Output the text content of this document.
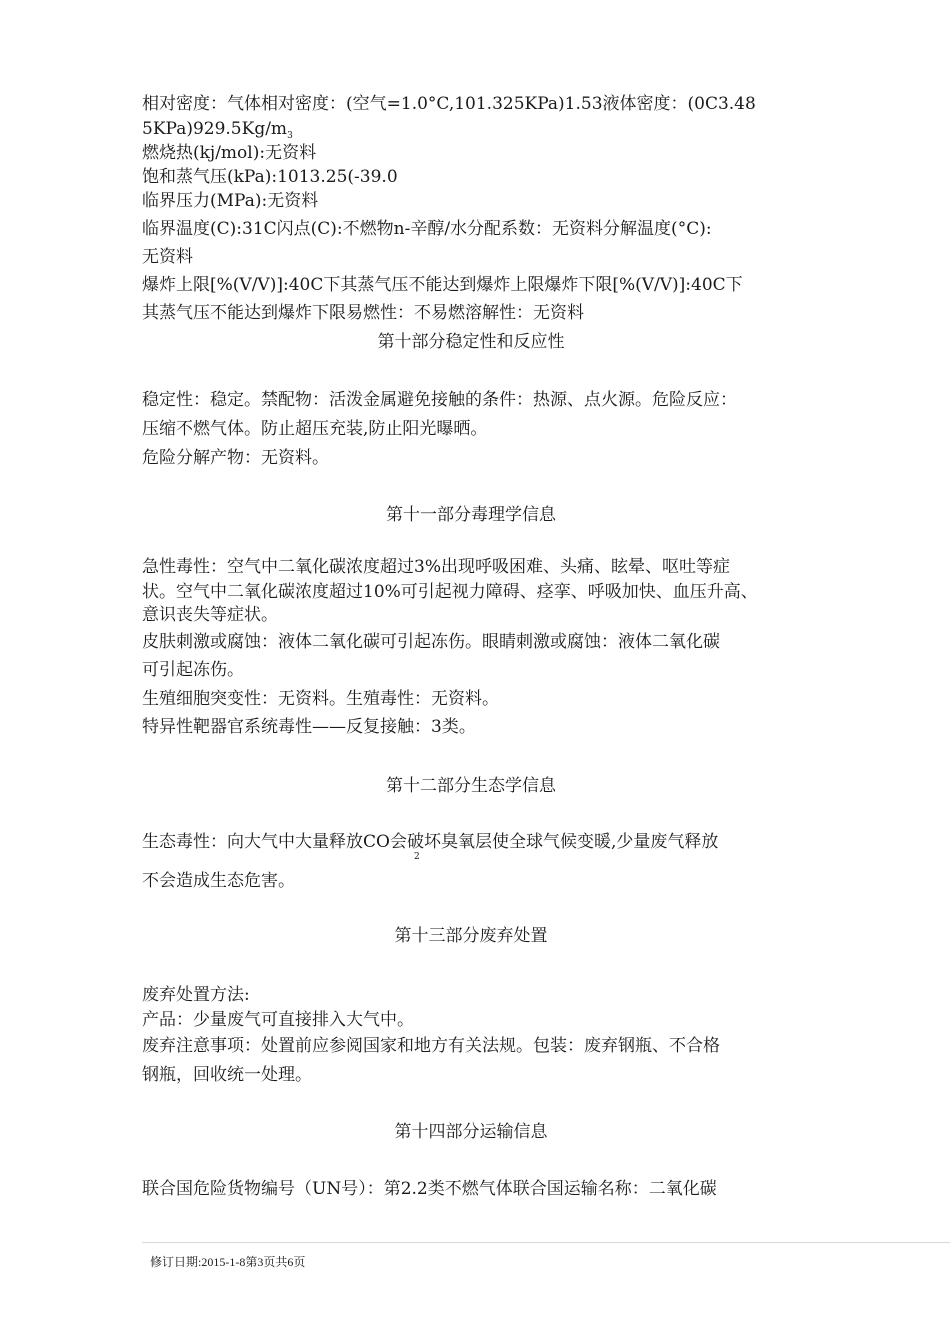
相对密度：气体相对密度：(空气=1.0°C,101.325KPa)1.53液体密度：(0C3.48
$5KPa)929.5Kg/m_3$
燃烧热(kj/mol):无资料
饱和蒸气压(kPa):1013.25(-39.0
临界压力(MPa):无资料
临界温度(C):31C闪点(C):不燃物n-辛醇/水分配系数：无资料分解温度(°C):
无资料
爆炸上限[%(V/V)]:40C下其蒸气压不能达到爆炸上限爆炸下限[%(V/V)]:40C下
其蒸气压不能达到爆炸下限易燃性：不易燃溶解性：无资料
第十部分稳定性和反应性
稳定性：稳定。禁配物：活泼金属避免接触的条件：热源、点火源。危险反应：
压缩不燃气体。防止超压充装,防止阳光曝晒。
危险分解产物：无资料。
第十一部分毒理学信息
急性毒性：空气中二氧化碳浓度超过3%出现呼吸困难、头痛、眩晕、呕吐等症
状。空气中二氧化碳浓度超过10%可引起视力障碍、痉挛、呼吸加快、血压升高、
意识丧失等症状。
皮肤刺激或腐蚀：液体二氧化碳可引起冻伤。眼睛刺激或腐蚀：液体二氧化碳
可引起冻伤。
生殖细胞突变性：无资料。生殖毒性：无资料。
特异性靶器官系统毒性——反复接触：3类。
第十二部分生态学信息
生态毒性：向大气中大量释放CO会破坏臭氧层使全球气候变暖,少量废气释放
2
不会造成生态危害。
第十三部分废弃处置
废弃处置方法:
产品：少量废气可直接排入大气中。
废弃注意事项：处置前应参阅国家和地方有关法规。包装：废弃钢瓶、不合格
钢瓶，回收统一处理。
第十四部分运输信息
联合国危险货物编号（UN号）：第2.2类不燃气体联合国运输名称：二氧化碳
修订日期:2015-1-8第3页共6页
